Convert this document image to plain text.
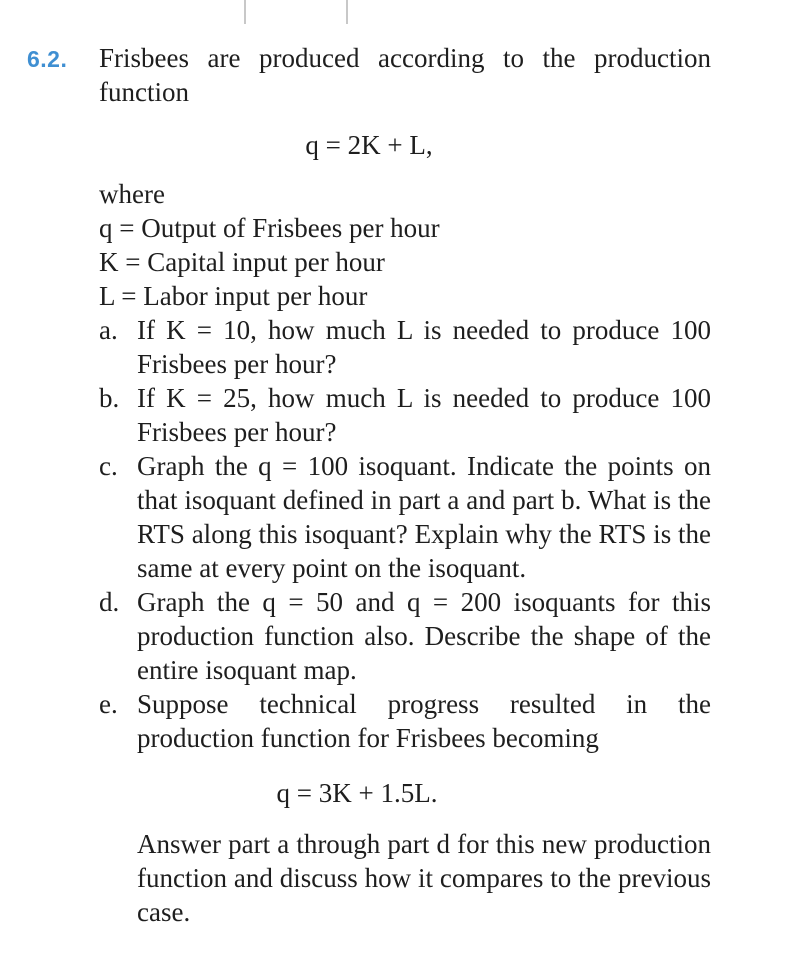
6.2. Frisbees are produced according to the production function
q = 2K + L,
where
q = Output of Frisbees per hour
K = Capital input per hour
L = Labor input per hour
a. If K = 10, how much L is needed to produce 100 Frisbees per hour?
b. If K = 25, how much L is needed to produce 100 Frisbees per hour?
c. Graph the q = 100 isoquant. Indicate the points on that isoquant defined in part a and part b. What is the RTS along this isoquant? Explain why the RTS is the same at every point on the isoquant.
d. Graph the q = 50 and q = 200 isoquants for this production function also. Describe the shape of the entire isoquant map.
e. Suppose technical progress resulted in the production function for Frisbees becoming
q = 3K + 1.5L.
Answer part a through part d for this new production function and discuss how it compares to the previous case.
